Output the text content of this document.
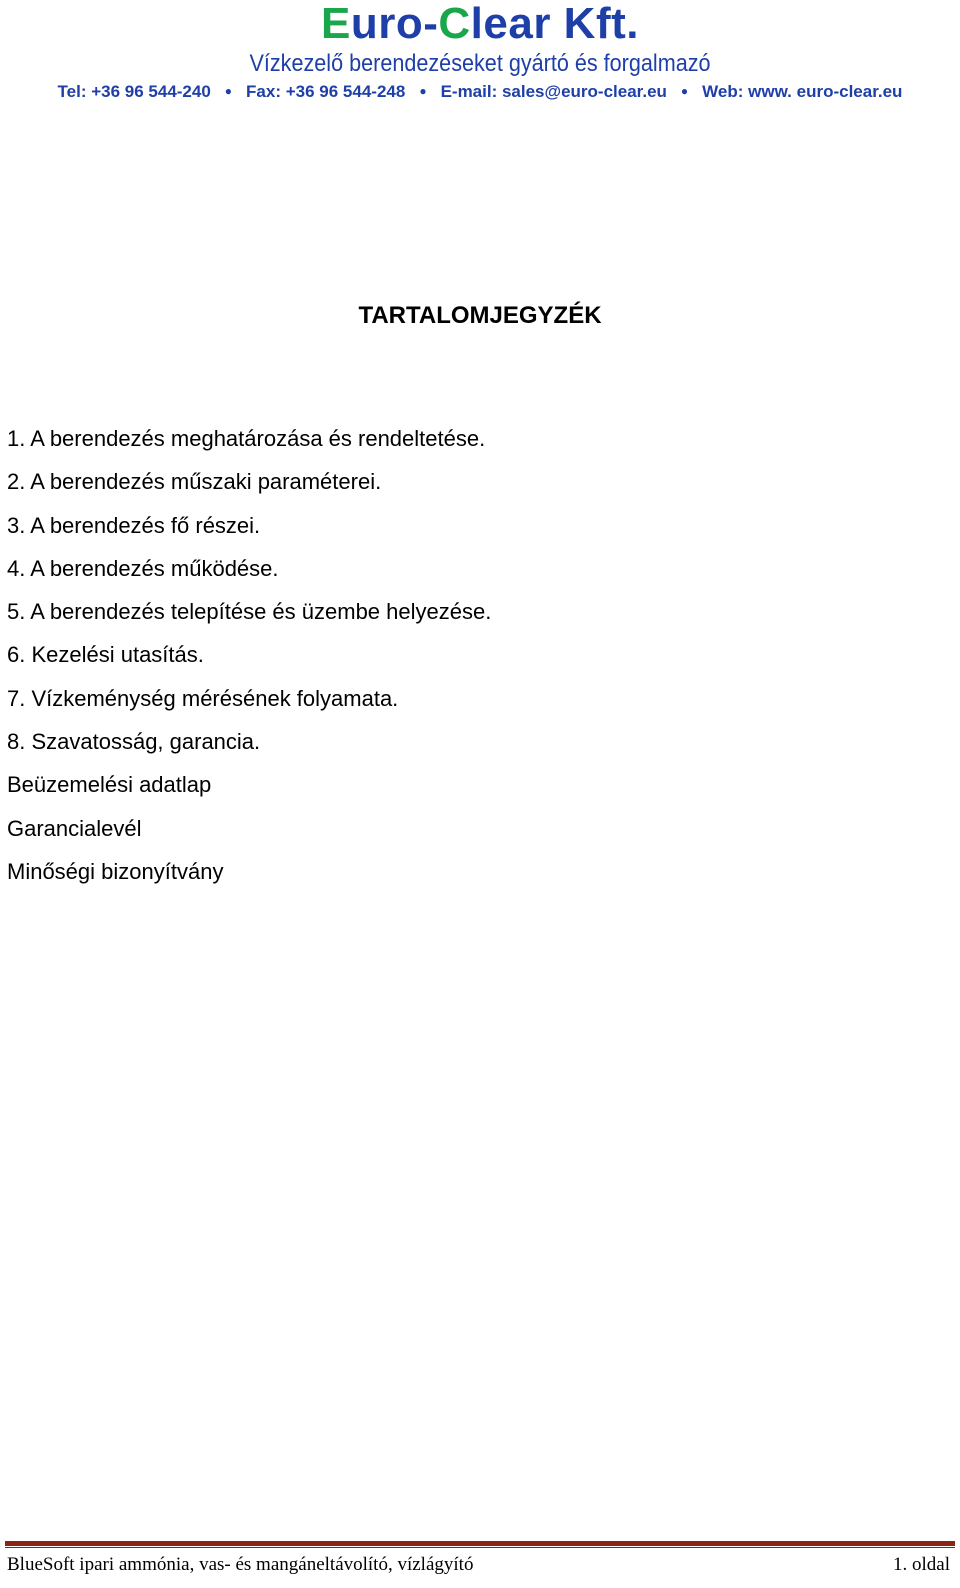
Euro-Clear Kft.
Vízkezelő berendezéseket gyártó és forgalmazó
Tel: +36 96 544-240 ● Fax: +36 96 544-248 ● E-mail: sales@euro-clear.eu ● Web: www. euro-clear.eu
TARTALOMJEGYZÉK
1. A berendezés meghatározása és rendeltetése.
2. A berendezés műszaki paraméterei.
3. A berendezés fő részei.
4. A berendezés működése.
5. A berendezés telepítése és üzembe helyezése.
6. Kezelési utasítás.
7. Vízkeménység mérésének folyamata.
8. Szavatosság, garancia.
Beüzemelési adatlap
Garancialevél
Minőségi bizonyítvány
BlueSoft ipari ammónia, vas- és mangáneltávolító, vízlágyító	1. oldal
